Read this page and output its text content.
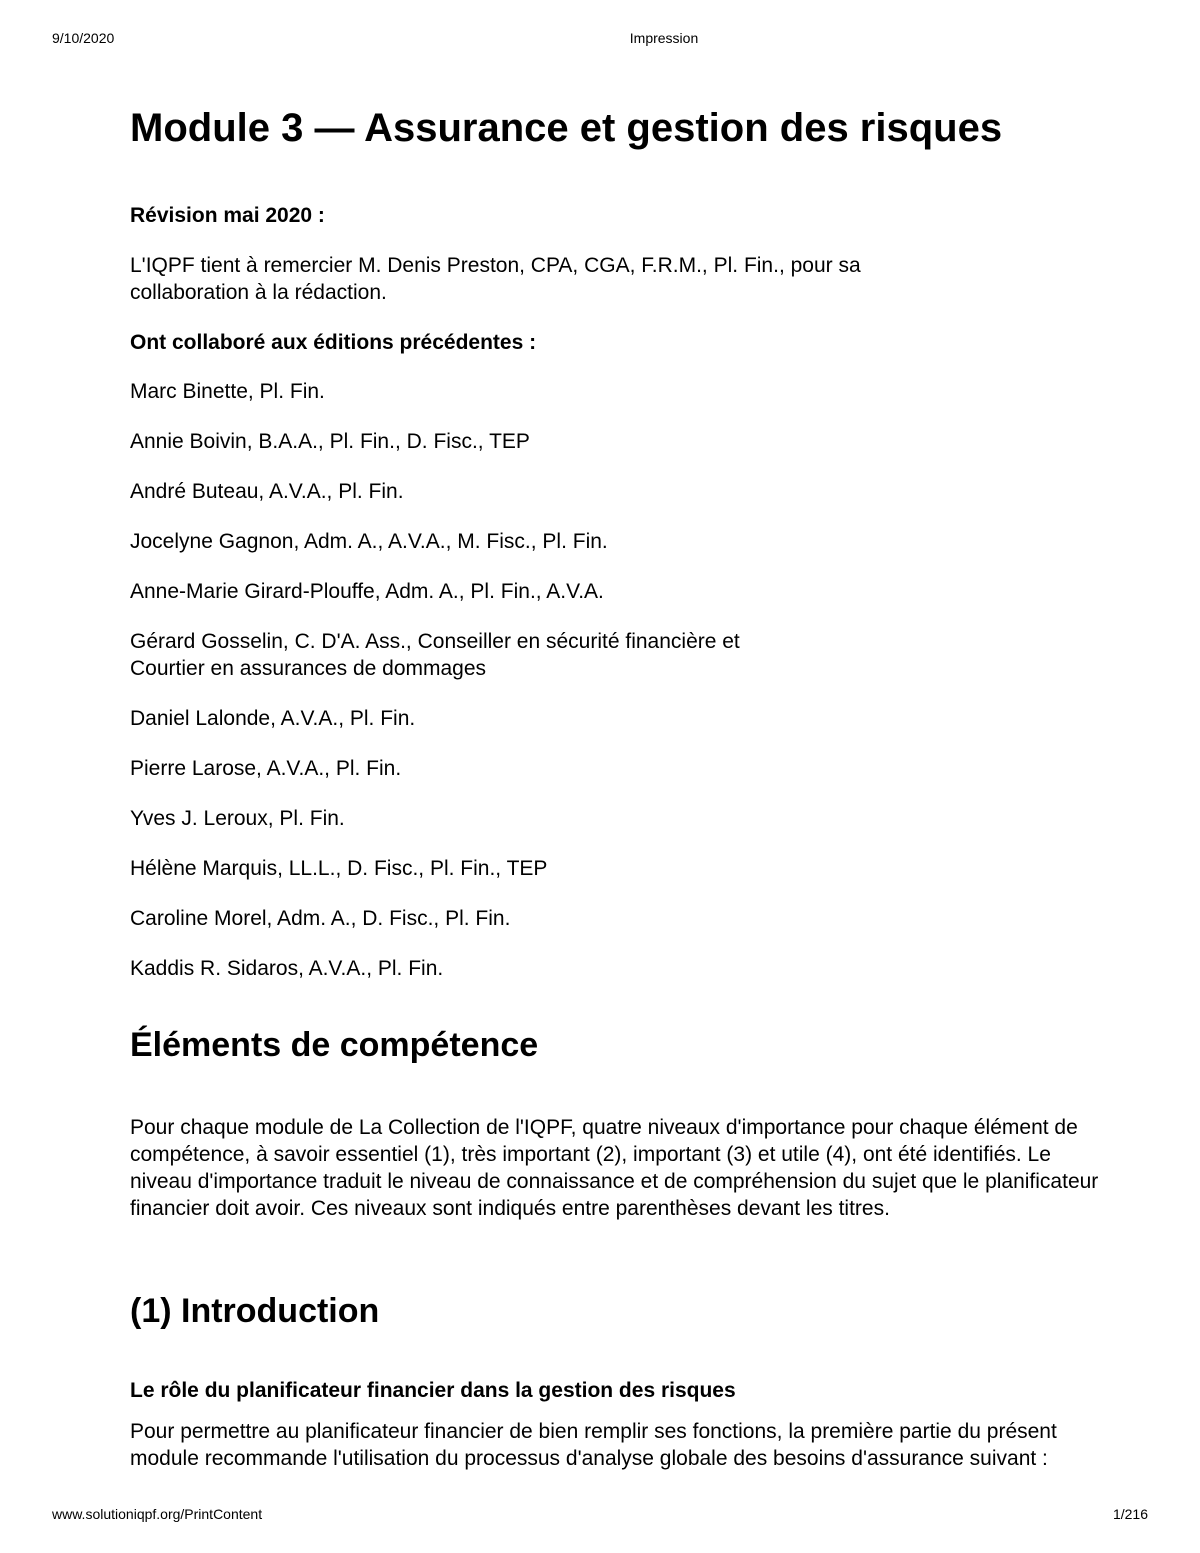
9/10/2020	Impression
Module 3 — Assurance et gestion des risques

Révision mai 2020 :

L'IQPF tient à remercier M. Denis Preston, CPA, CGA, F.R.M., Pl. Fin., pour sa

collaboration à la rédaction.

Ont collaboré aux éditions précédentes :

Marc Binette, Pl. Fin.

Annie Boivin, B.A.A., Pl. Fin., D. Fisc., TEP

André Buteau, A.V.A., Pl. Fin.

Jocelyne Gagnon, Adm. A., A.V.A., M. Fisc., Pl. Fin.

Anne-Marie Girard-Plouffe, Adm. A., Pl. Fin., A.V.A.

Gérard Gosselin, C. D'A. Ass., Conseiller en sécurité financière et

Courtier en assurances de dommages

Daniel Lalonde, A.V.A., Pl. Fin.

Pierre Larose, A.V.A., Pl. Fin.

Yves J. Leroux, Pl. Fin.

Hélène Marquis, LL.L., D. Fisc., Pl. Fin., TEP

Caroline Morel, Adm. A., D. Fisc., Pl. Fin.

Kaddis R. Sidaros, A.V.A., Pl. Fin.

Éléments de compétence

Pour chaque module de La Collection de l'IQPF, quatre niveaux d'importance pour chaque élément de compétence, à savoir essentiel (1), très important (2), important (3) et utile (4), ont été identifiés. Le niveau d'importance traduit le niveau de connaissance et de compréhension du sujet que le planificateur financier doit avoir. Ces niveaux sont indiqués entre parenthèses devant les titres.

(1) Introduction
Le rôle du planificateur financier dans la gestion des risques

Pour permettre au planificateur financier de bien remplir ses fonctions, la première partie du présent module recommande l'utilisation du processus d'analyse globale des besoins d'assurance suivant :

www.solutioniqpf.org/PrintContent	1/216
